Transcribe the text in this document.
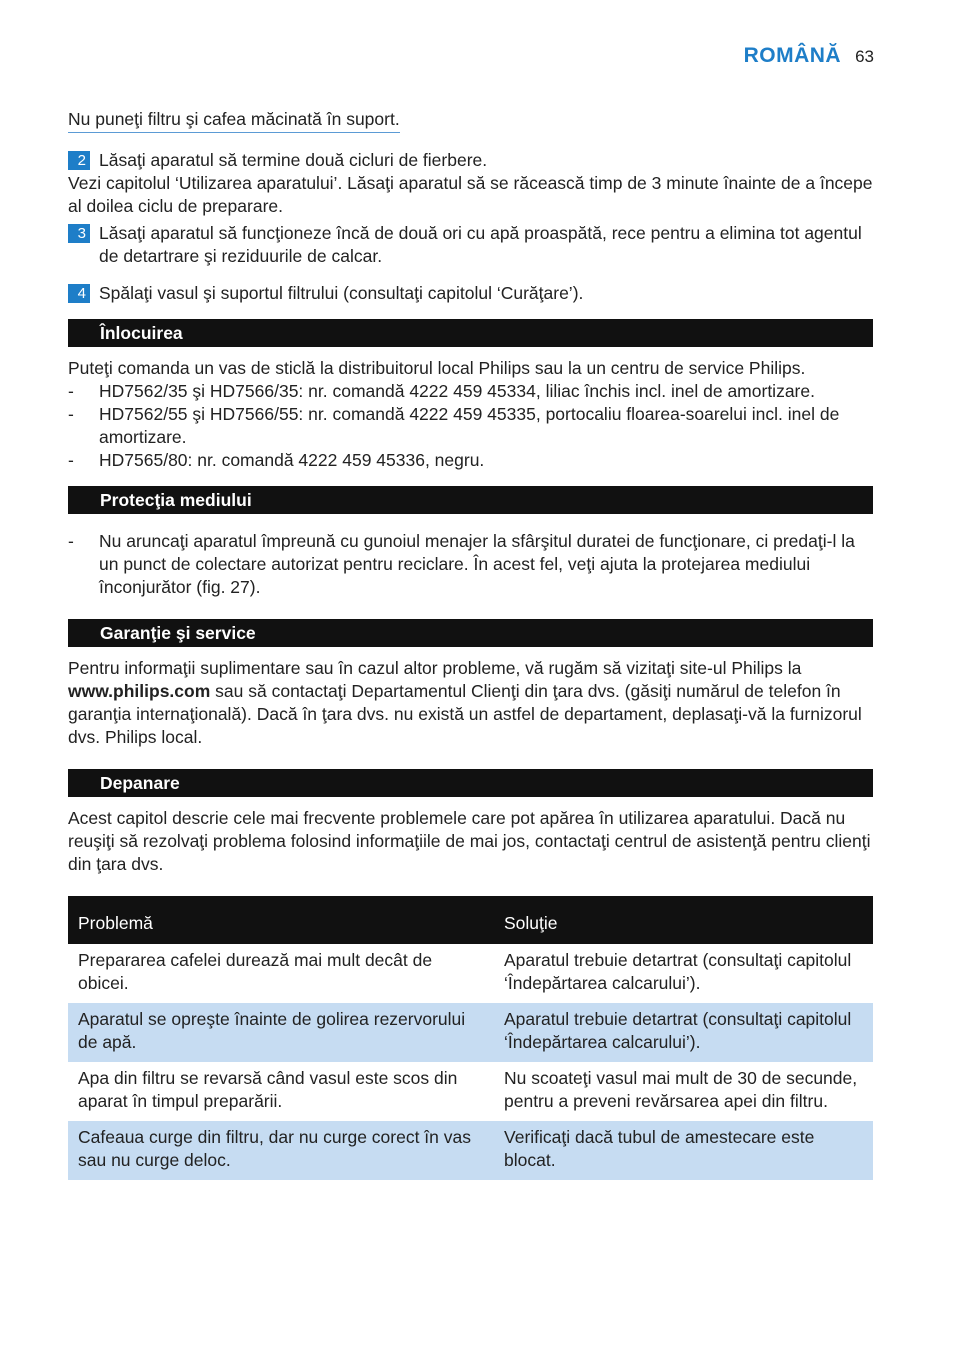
ROMÂNĂ 63
Nu puneţi filtru şi cafea măcinată în suport.
2 Lăsaţi aparatul să termine două cicluri de fierbere.

Vezi capitolul ‘Utilizarea aparatului’. Lăsaţi aparatul să se răcească timp de 3 minute înainte de a începe al doilea ciclu de preparare.

3 Lăsaţi aparatul să funcţioneze încă de două ori cu apă proaspătă, rece pentru a elimina tot agentul de detartrare şi reziduurile de calcar.
4 Spălaţi vasul şi suportul filtrului (consultaţi capitolul ‘Curăţare’).
Înlocuirea

Puteţi comanda un vas de sticlă la distribuitorul local Philips sau la un centru de service Philips.

-	HD7562/35 şi HD7566/35: nr. comandă 4222 459 45334, liliac închis incl. inel de amortizare.
-	HD7562/55 şi HD7566/55: nr. comandă 4222 459 45335, portocaliu floarea-soarelui incl. inel de amortizare.
-	HD7565/80: nr. comandă 4222 459 45336, negru.
Protecţia mediului
-	Nu aruncaţi aparatul împreună cu gunoiul menajer la sfârşitul duratei de funcţionare, ci predaţi-l la un punct de colectare autorizat pentru reciclare. În acest fel, veţi ajuta la protejarea mediului înconjurător (fig. 27).
Garanţie şi service

Pentru informaţii suplimentare sau în cazul altor probleme, vă rugăm să vizitaţi site-ul Philips la www.philips.com sau să contactaţi Departamentul Clienţi din ţara dvs. (găsiţi numărul de telefon în garanţia internaţională). Dacă în ţara dvs. nu există un astfel de departament, deplasaţi-vă la furnizorul dvs. Philips local.

Depanare

Acest capitol descrie cele mai frecvente problemele care pot apărea în utilizarea aparatului. Dacă nu reuşiţi să rezolvaţi problema folosind informaţiile de mai jos, contactaţi centrul de asistenţă pentru clienţi din ţara dvs.

Problemă	Soluţie
Prepararea cafelei durează mai mult decât de obicei.	Aparatul trebuie detartrat (consultaţi capitolul ‘Îndepărtarea calcarului’).
Aparatul se opreşte înainte de golirea rezervorului de apă.	Aparatul trebuie detartrat (consultaţi capitolul ‘Îndepărtarea calcarului’).
Apa din filtru se revarsă când vasul este scos din aparat în timpul preparării.	Nu scoateţi vasul mai mult de 30 de secunde, pentru a preveni revărsarea apei din filtru.
Cafeaua curge din filtru, dar nu curge corect în vas sau nu curge deloc.	Verificaţi dacă tubul de amestecare este blocat.
